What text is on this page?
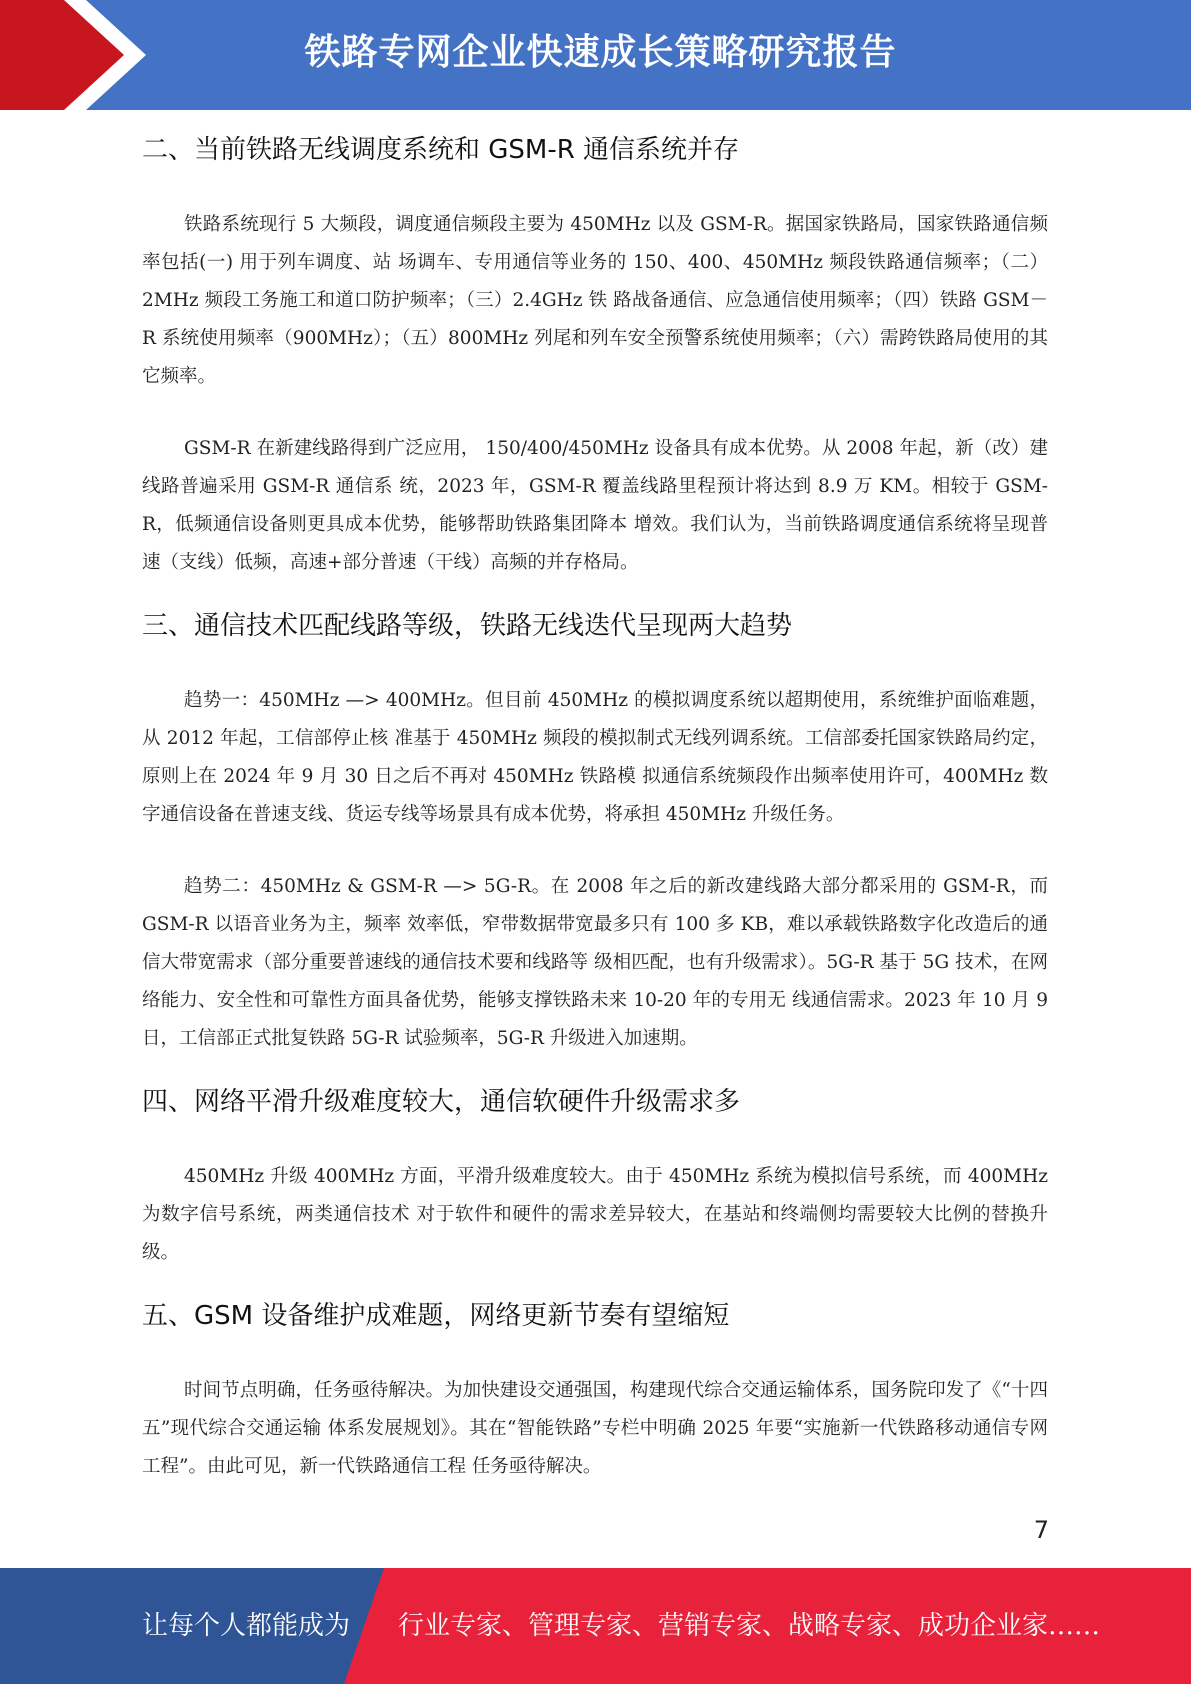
铁路专网企业快速成长策略研究报告
二、当前铁路无线调度系统和 GSM-R 通信系统并存

铁路系统现行 5 大频段，调度通信频段主要为 450MHz 以及 GSM-R。据国家铁路局，国家铁路通信频率包括(一) 用于列车调度、站 场调车、专用通信等业务的 150、400、450MHz 频段铁路通信频率；（二）2MHz 频段工务施工和道口防护频率；（三）2.4GHz 铁 路战备通信、应急通信使用频率；（四）铁路 GSM－R 系统使用频率（900MHz）；（五）800MHz 列尾和列车安全预警系统使用频率；（六）需跨铁路局使用的其它频率。

GSM-R 在新建线路得到广泛应用， 150/400/450MHz 设备具有成本优势。从 2008 年起，新（改）建线路普遍采用 GSM-R 通信系 统，2023 年，GSM-R 覆盖线路里程预计将达到 8.9 万 KM。相较于 GSM-R，低频通信设备则更具成本优势，能够帮助铁路集团降本 增效。我们认为，当前铁路调度通信系统将呈现普速（支线）低频，高速+部分普速（干线）高频的并存格局。

三、通信技术匹配线路等级，铁路无线迭代呈现两大趋势

趋势一：450MHz —> 400MHz。但目前 450MHz 的模拟调度系统以超期使用，系统维护面临难题，从 2012 年起，工信部停止核 准基于 450MHz 频段的模拟制式无线列调系统。工信部委托国家铁路局约定，原则上在 2024 年 9 月 30 日之后不再对 450MHz 铁路模 拟通信系统频段作出频率使用许可，400MHz 数字通信设备在普速支线、货运专线等场景具有成本优势，将承担 450MHz 升级任务。

趋势二：450MHz & GSM-R —> 5G-R。在 2008 年之后的新改建线路大部分都采用的 GSM-R，而 GSM-R 以语音业务为主，频率 效率低，窄带数据带宽最多只有 100 多 KB，难以承载铁路数字化改造后的通信大带宽需求（部分重要普速线的通信技术要和线路等 级相匹配，也有升级需求）。5G-R 基于 5G 技术，在网络能力、安全性和可靠性方面具备优势，能够支撑铁路未来 10-20 年的专用无 线通信需求。2023 年 10 月 9 日，工信部正式批复铁路 5G-R 试验频率，5G-R 升级进入加速期。

四、网络平滑升级难度较大，通信软硬件升级需求多

450MHz 升级 400MHz 方面，平滑升级难度较大。由于 450MHz 系统为模拟信号系统，而 400MHz 为数字信号系统，两类通信技术 对于软件和硬件的需求差异较大，在基站和终端侧均需要较大比例的替换升级。

五、GSM 设备维护成难题，网络更新节奏有望缩短

时间节点明确，任务亟待解决。为加快建设交通强国，构建现代综合交通运输体系，国务院印发了《“十四五”现代综合交通运输 体系发展规划》。其在“智能铁路”专栏中明确 2025 年要“实施新一代铁路移动通信专网工程”。由此可见，新一代铁路通信工程 任务亟待解决。

7
让每个人都能成为 行业专家、管理专家、营销专家、战略专家、成功企业家……
